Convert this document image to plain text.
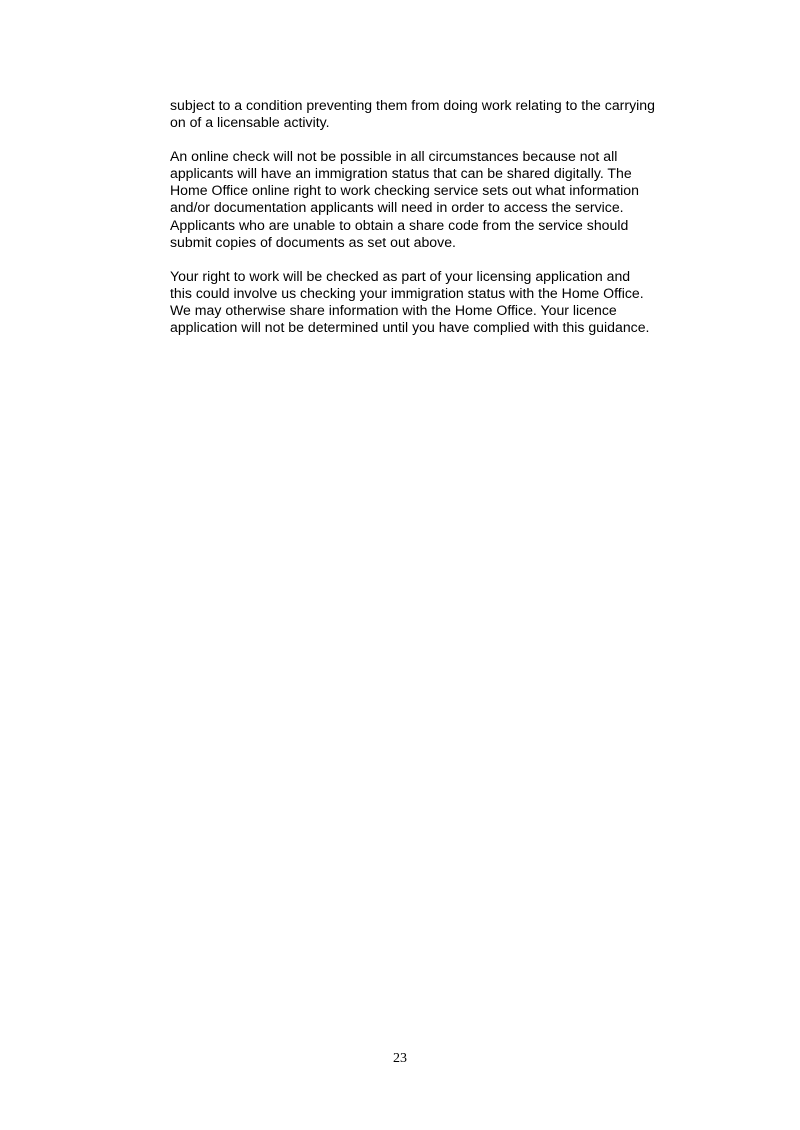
subject to a condition preventing them from doing work relating to the carrying
on of a licensable activity.

An online check will not be possible in all circumstances because not all
applicants will have an immigration status that can be shared digitally. The
Home Office online right to work checking service sets out what information
and/or documentation applicants will need in order to access the service.
Applicants who are unable to obtain a share code from the service should
submit copies of documents as set out above.

Your right to work will be checked as part of your licensing application and
this could involve us checking your immigration status with the Home Office.
We may otherwise share information with the Home Office. Your licence
application will not be determined until you have complied with this guidance.

23
